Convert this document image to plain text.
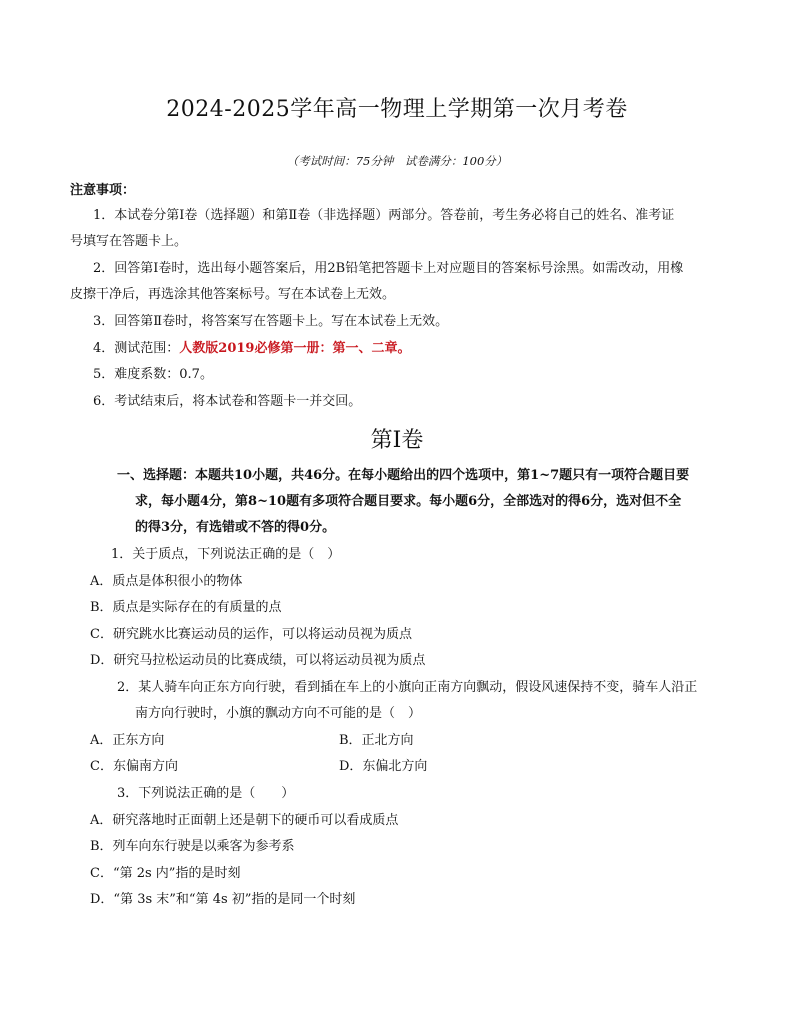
2024-2025学年高一物理上学期第一次月考卷
（考试时间：75分钟　试卷满分：100分）
注意事项：
1．本试卷分第Ⅰ卷（选择题）和第Ⅱ卷（非选择题）两部分。答卷前，考生务必将自己的姓名、准考证
号填写在答题卡上。
2．回答第Ⅰ卷时，选出每小题答案后，用2B铅笔把答题卡上对应题目的答案标号涂黑。如需改动，用橡
皮擦干净后，再选涂其他答案标号。写在本试卷上无效。
3．回答第Ⅱ卷时，将答案写在答题卡上。写在本试卷上无效。
4．测试范围：人教版2019必修第一册：第一、二章。
5．难度系数：0.7。
6．考试结束后，将本试卷和答题卡一并交回。
第Ⅰ卷
一、选择题：本题共10小题，共46分。在每小题给出的四个选项中，第1~7题只有一项符合题目要
求，每小题4分，第8~10题有多项符合题目要求。每小题6分，全部选对的得6分，选对但不全
的得3分，有选错或不答的得0分。
1．关于质点，下列说法正确的是（　）
A．质点是体积很小的物体
B．质点是实际存在的有质量的点
C．研究跳水比赛运动员的运作，可以将运动员视为质点
D．研究马拉松运动员的比赛成绩，可以将运动员视为质点
2．某人骑车向正东方向行驶，看到插在车上的小旗向正南方向飘动，假设风速保持不变，骑车人沿正
南方向行驶时，小旗的飘动方向不可能的是（　）
A．正东方向	B．正北方向
C．东偏南方向	D．东偏北方向
3．下列说法正确的是（　　）
A．研究落地时正面朝上还是朝下的硬币可以看成质点
B．列车向东行驶是以乘客为参考系
C．“第 2s 内”指的是时刻
D．“第 3s 末”和“第 4s 初”指的是同一个时刻
